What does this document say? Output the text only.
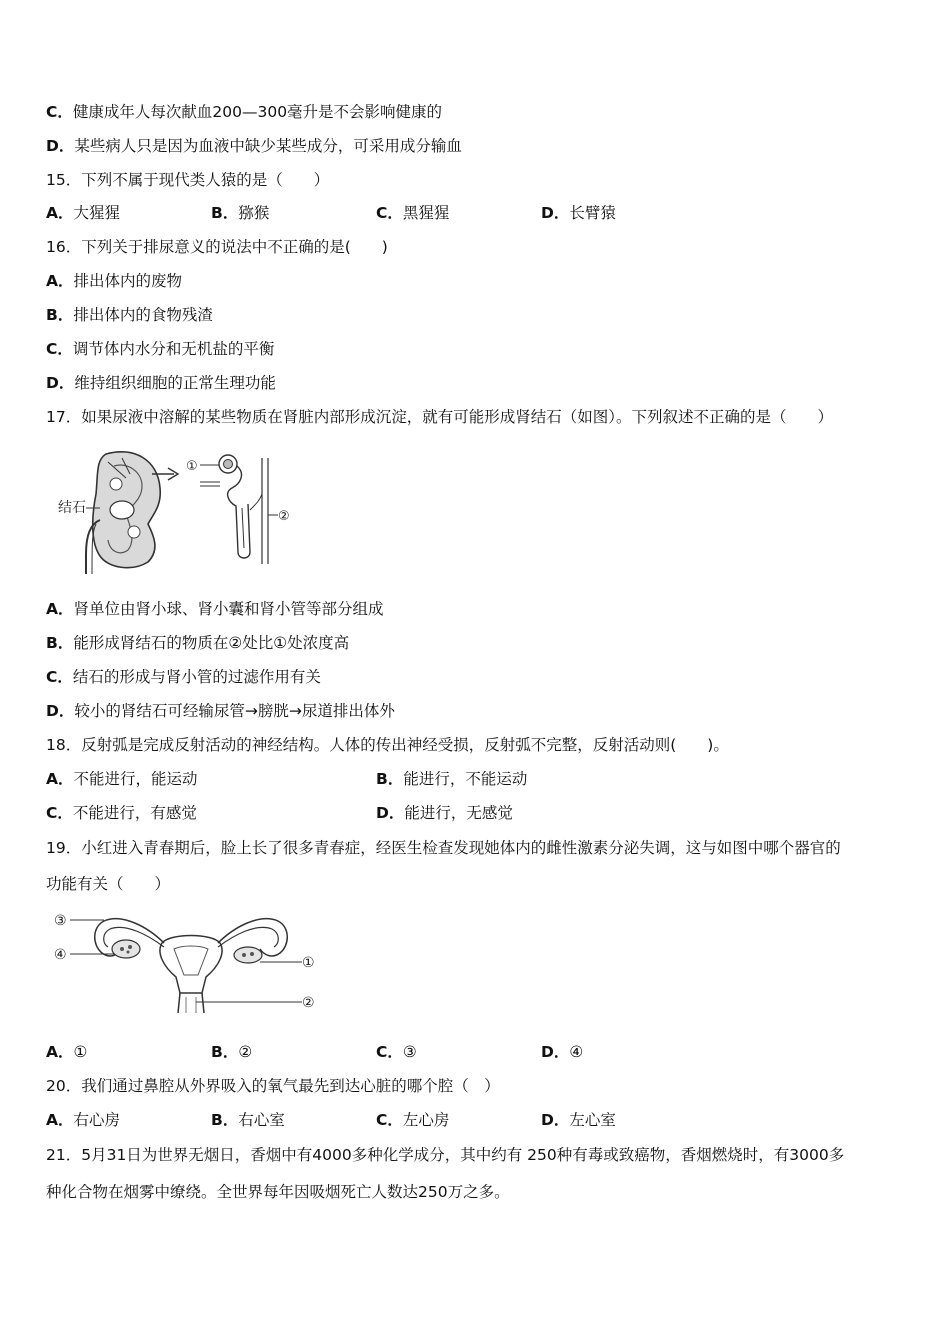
C．健康成年人每次献血200—300毫升是不会影响健康的
D．某些病人只是因为血液中缺少某些成分，可采用成分输血
15．下列不属于现代类人猿的是（　　）
A．大猩猩	B．猕猴	C．黑猩猩	D．长臂猿
16．下列关于排尿意义的说法中不正确的是(　　)
A．排出体内的废物
B．排出体内的食物残渣
C．调节体内水分和无机盐的平衡
D．维持组织细胞的正常生理功能
17．如果尿液中溶解的某些物质在肾脏内部形成沉淀，就有可能形成肾结石（如图）。下列叙述不正确的是（　　）
结石
①
②
A．肾单位由肾小球、肾小囊和肾小管等部分组成
B．能形成肾结石的物质在②处比①处浓度高
C．结石的形成与肾小管的过滤作用有关
D．较小的肾结石可经输尿管→膀胱→尿道排出体外
18．反射弧是完成反射活动的神经结构。人体的传出神经受损，反射弧不完整，反射活动则(　　)。
A．不能进行，能运动	B．能进行，不能运动
C．不能进行，有感觉	D．能进行，无感觉
19．小红进入青春期后，脸上长了很多青春症，经医生检查发现她体内的雌性激素分泌失调，这与如图中哪个器官的
功能有关（　　）
③
④	①
②
A．①	B．②	C．③	D．④
20．我们通过鼻腔从外界吸入的氧气最先到达心脏的哪个腔（　）
A．右心房	B．右心室	C．左心房	D．左心室
21．5月31日为世界无烟日，香烟中有4000多种化学成分，其中约有 250种有毒或致癌物，香烟燃烧时，有3000多
种化合物在烟雾中缭绕。全世界每年因吸烟死亡人数达250万之多。
